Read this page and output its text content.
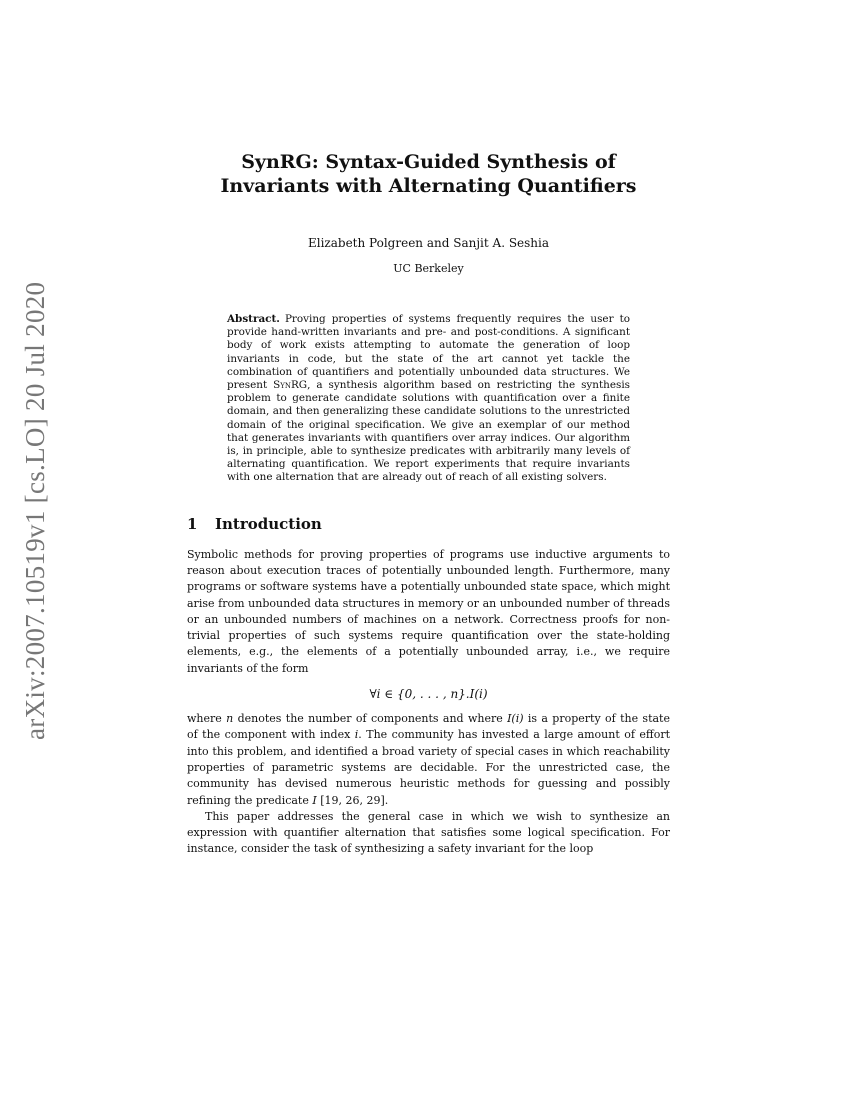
arXiv:2007.10519v1 [cs.LO] 20 Jul 2020
SynRG: Syntax-Guided Synthesis of
Invariants with Alternating Quantifiers
Elizabeth Polgreen and Sanjit A. Seshia
UC Berkeley
Abstract. Proving properties of systems frequently requires the user to provide hand-written invariants and pre- and post-conditions. A significant body of work exists attempting to automate the generation of loop invariants in code, but the state of the art cannot yet tackle the combination of quantifiers and potentially unbounded data structures. We present SynRG, a synthesis algorithm based on restricting the synthesis problem to generate candidate solutions with quantification over a finite domain, and then generalizing these candidate solutions to the unrestricted domain of the original specification. We give an exemplar of our method that generates invariants with quantifiers over array indices. Our algorithm is, in principle, able to synthesize predicates with arbitrarily many levels of alternating quantification. We report experiments that require invariants with one alternation that are already out of reach of all existing solvers.
1 Introduction

Symbolic methods for proving properties of programs use inductive arguments to reason about execution traces of potentially unbounded length. Furthermore, many programs or software systems have a potentially unbounded state space, which might arise from unbounded data structures in memory or an unbounded number of threads or an unbounded numbers of machines on a network. Correctness proofs for non-trivial properties of such systems require quantification over the state-holding elements, e.g., the elements of a potentially unbounded array, i.e., we require invariants of the form

∀i ∈ {0, . . . , n}.I(i)

where n denotes the number of components and where I(i) is a property of the state of the component with index i. The community has invested a large amount of effort into this problem, and identified a broad variety of special cases in which reachability properties of parametric systems are decidable. For the unrestricted case, the community has devised numerous heuristic methods for guessing and possibly refining the predicate I [19, 26, 29].

This paper addresses the general case in which we wish to synthesize an expression with quantifier alternation that satisfies some logical specification. For instance, consider the task of synthesizing a safety invariant for the loop
